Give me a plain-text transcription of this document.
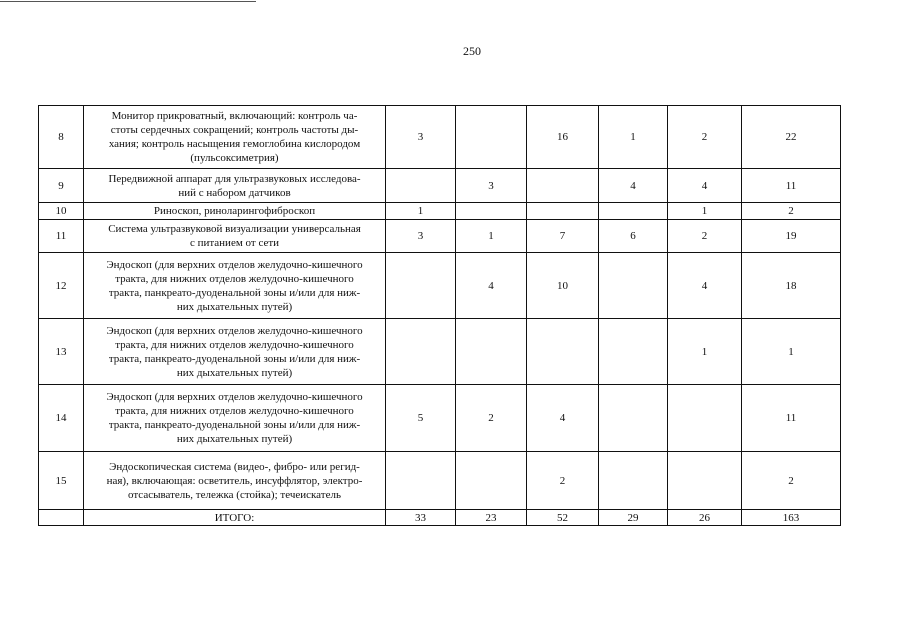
250
8	Монитор прикроватный, включающий: контроль ча-
стоты сердечных сокращений; контроль частоты ды-
хания; контроль насыщения гемоглобина кислородом
(пульсоксиметрия)	3		16	1	2	22
9	Передвижной аппарат для ультразвуковых исследова-
ний с набором датчиков		3		4	4	11
10	Риноскоп, риноларингофиброскоп	1				1	2
11	Система ультразвуковой визуализации универсальная
с питанием от сети	3	1	7	6	2	19
12	Эндоскоп (для верхних отделов желудочно-кишечного
тракта, для нижних отделов желудочно-кишечного
тракта, панкреато-дуоденальной зоны и/или для ниж-
них дыхательных путей)		4	10		4	18
13	Эндоскоп (для верхних отделов желудочно-кишечного
тракта, для нижних отделов желудочно-кишечного
тракта, панкреато-дуоденальной зоны и/или для ниж-
них дыхательных путей)					1	1
14	Эндоскоп (для верхних отделов желудочно-кишечного
тракта, для нижних отделов желудочно-кишечного
тракта, панкреато-дуоденальной зоны и/или для ниж-
них дыхательных путей)	5	2	4			11
15	Эндоскопическая система (видео-, фибро- или регид-
ная), включающая: осветитель, инсуффлятор, электро-
отсасыватель, тележка (стойка); течеискатель			2			2
	ИТОГО:	33	23	52	29	26	163
